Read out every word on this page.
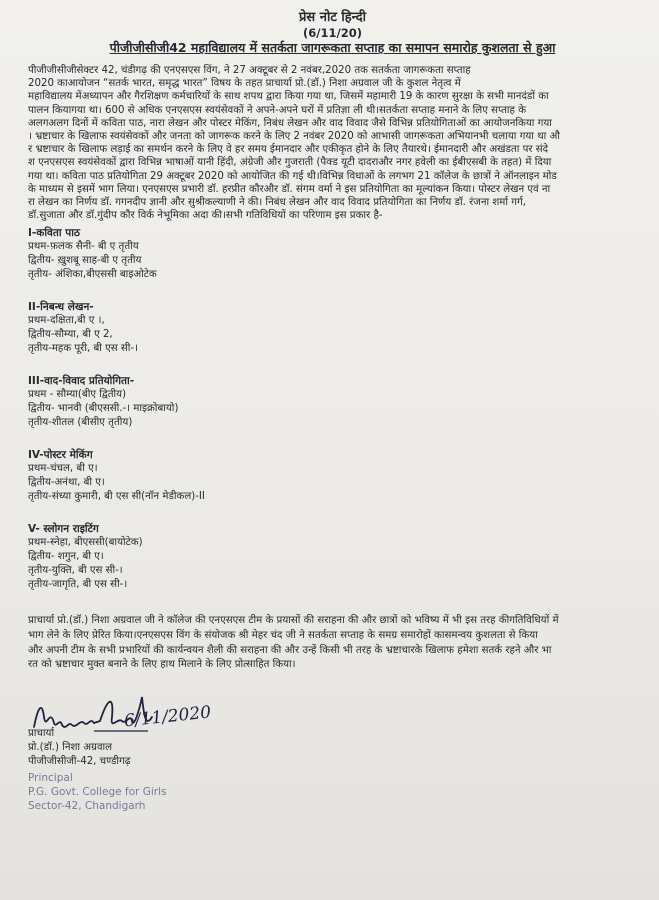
प्रेस नोट हिन्दी
(6/11/20)
पीजीजीसीजी42 महाविद्यालय में सतर्कता जागरूकता सप्ताह का समापन समारोह कुशलता से हुआ
पीजीजीसीजीसेक्टर 42, चंडीगढ़ की एनएसएस विंग, ने 27 अक्टूबर से 2 नवंबर,2020 तक सतर्कता जागरूकता सप्ताह
2020 काआयोजन “सतर्क भारत, समृद्ध भारत” विषय के तहत प्राचार्या प्रो.(डॉ.) निशा अग्रवाल जी के कुशल नेतृत्व में
महाविद्यालय मेंअध्यापन और गैरशिक्षण कर्मचारियों के साथ शपथ द्वारा किया गया था, जिसमें महामारी 19 के कारण सुरक्षा के सभी मानदंडों का
पालन कियागया था। 600 से अधिक एनएसएस स्वयंसेवकों ने अपने-अपने घरों में प्रतिज्ञा ली थी।सतर्कता सप्ताह मनाने के लिए सप्ताह के
अलगअलग दिनों में कविता पाठ, नारा लेखन और पोस्टर मेकिंग, निबंध लेखन और वाद विवाद जैसे विभिन्न प्रतियोगिताओं का आयोजनकिया गया
। भ्रष्टाचार के खिलाफ स्वयंसेवकों और जनता को जागरूक करने के लिए 2 नवंबर 2020 को आभासी जागरूकता अभियानभी चलाया गया था औ
र भ्रष्टाचार के खिलाफ लड़ाई का समर्थन करने के लिए वे हर समय ईमानदार और एकीकृत होने के लिए तैयारथे। ईमानदारी और अखंडता पर संदे
श एनएसएस स्वयंसेवकों द्वारा विभिन्न भाषाओं यानी हिंदी, अंग्रेजी और गुजराती (पैक्ड यूटी दादराऔर नगर हवेली का ईबीएसबी के तहत) में दिया
गया था। कविता पाठ प्रतियोगिता 29 अक्टूबर 2020 को आयोजित की गई थी।विभिन्न विधाओं के लगभग 21 कॉलेज के छात्रों ने ऑनलाइन मोड
के माध्यम से इसमें भाग लिया। एनएसएस प्रभारी डॉ. हरप्रीत कौरऔर डॉ. संगम वर्मा ने इस प्रतियोगिता का मूल्यांकन किया। पोस्टर लेखन एवं ना
रा लेखन का निर्णय डॉ. गगनदीप ज्ञानी और सुश्रीकल्याणी ने की। निबंध लेखन और वाद विवाद प्रतियोगिता का निर्णय डॉ. रंजना शर्मा गर्ग,
डॉ.सुजाता और डॉ.गुंदीप कौर विर्क नेभूमिका अदा की।सभी गतिविधियों का परिणाम इस प्रकार है-
I-कविता पाठ
प्रथम-फ़लक सैनी- बी ए तृतीय
द्वितीय- ख़ुशबू साह-बी ए तृतीय
तृतीय- अंशिका,बीएससी बाइओटेक
II-निबन्ध लेखन-
प्रथम-दक्षिता,बी ए ।,
द्वितीय-सौम्या, बी ए 2,
तृतीय-महक पूरी, बी एस सी-।
III-वाद-विवाद प्रतियोगिता-
प्रथम - सौम्या(बीए द्वितीय)
द्वितीय- भानवी (बीएससी.-। माइक्रोबायो)
तृतीय-शीतल (बीसीए तृतीय)
IV-पोस्टर मेकिंग
प्रथम-चंचल, बी ए।
द्वितीय-अनंथा, बी ए।
तृतीय-संध्या कुमारी, बी एस सी(नॉन मेडीकल)-II
V- स्लोगन राइटिंग
प्रथम-स्नेहा, बीएससी(बायोटेक)
द्वितीय- शगुन, बी ए।
तृतीय-युक्ति, बी एस सी-।
तृतीय-जागृति, बी एस सी-।
प्राचार्या प्रो.(डॉ.) निशा अग्रवाल जी ने कॉलेज की एनएसएस टीम के प्रयासों की सराहना की और छात्रों को भविष्य में भी इस तरह कीगतिविधियों में
भाग लेने के लिए प्रेरित किया।एनएसएस विंग के संयोजक श्री मेहर चंद जी ने सतर्कता सप्ताह के समग्र समारोहों कासमन्वय कुशलता से किया
और अपनी टीम के सभी प्रभारियों की कार्यन्वयन शैली की सराहना की और उन्हें किसी भी तरह के भ्रष्टाचारके खिलाफ हमेशा सतर्क रहने और भा
रत को भ्रष्टाचार मुक्त बनाने के लिए हाथ मिलाने के लिए प्रोत्साहित किया।
6/11/2020
प्राचार्या
प्रो.(डॉ.) निशा अग्रवाल
पीजीजीसीजी-42, चण्डीगढ़
Principal
P.G. Govt. College for Girls
Sector-42, Chandigarh
